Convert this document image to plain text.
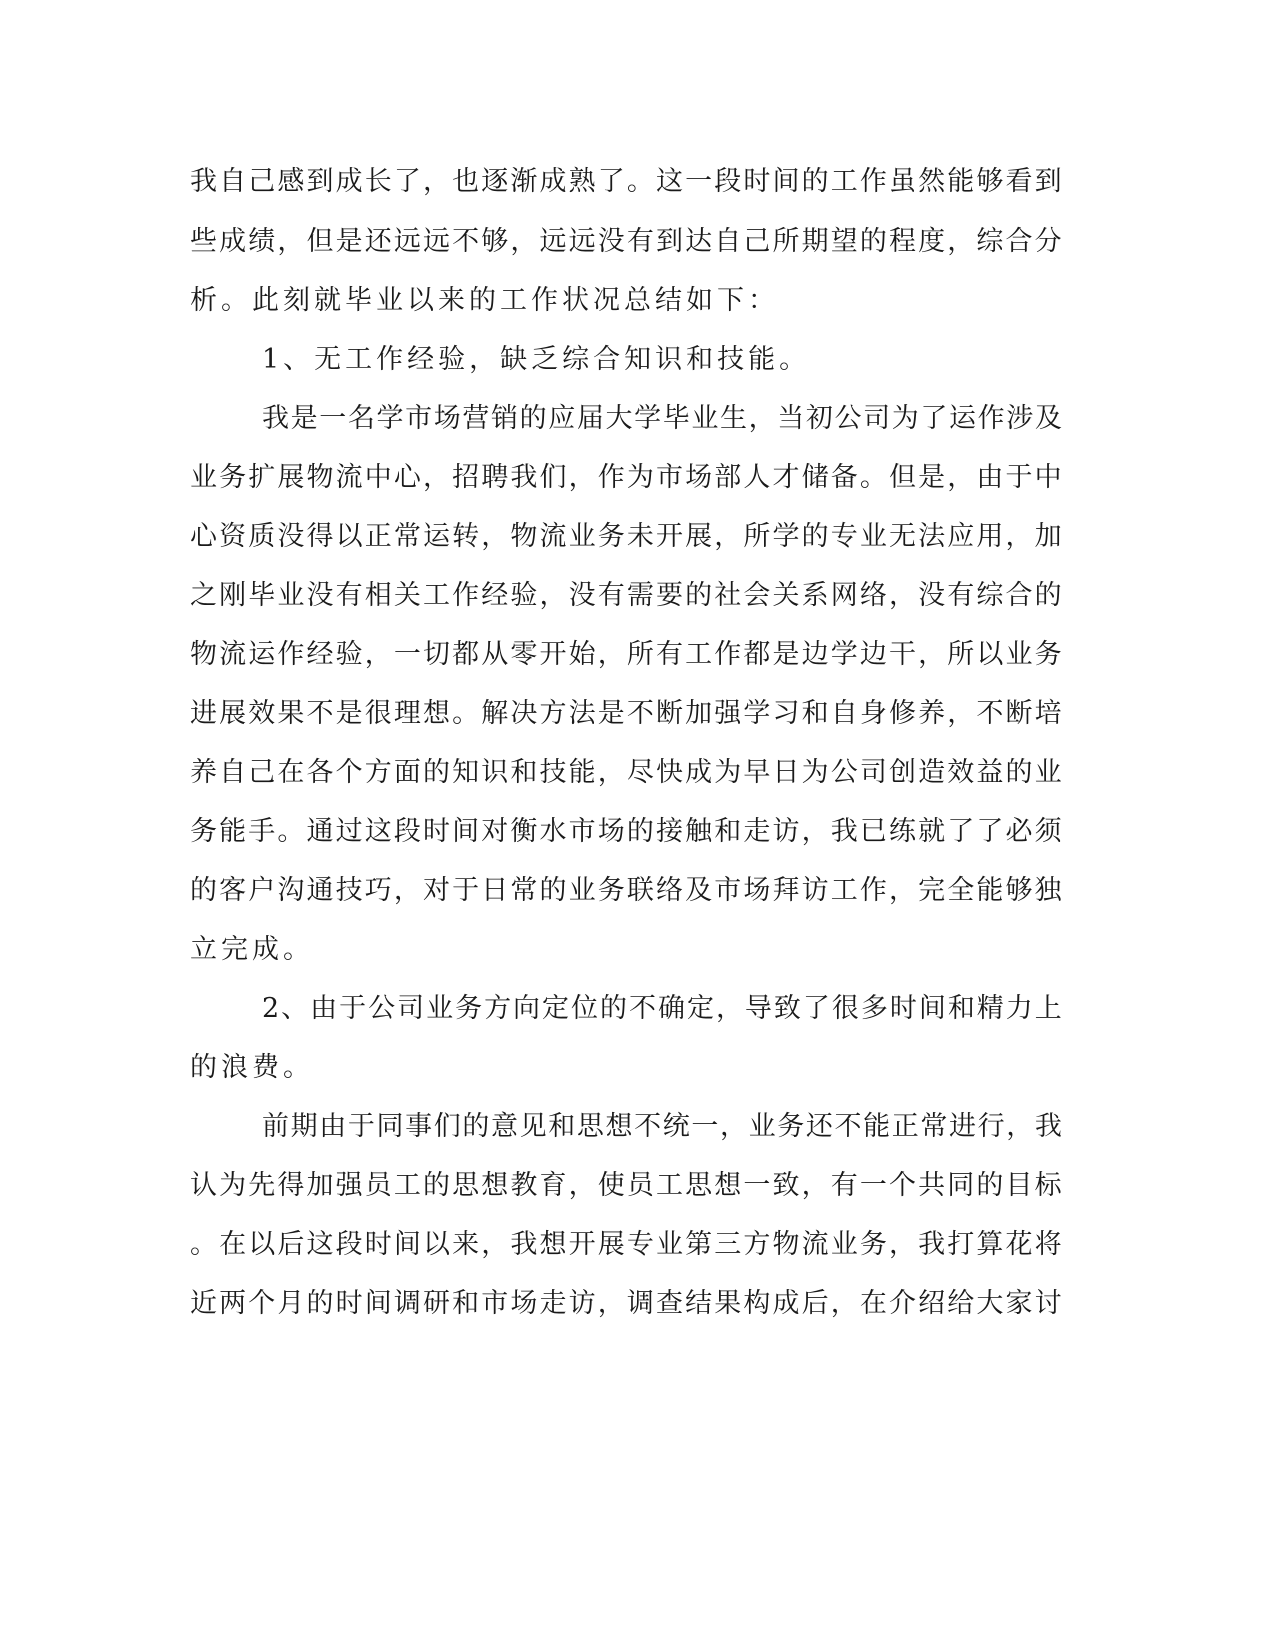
我 自 己 感 到 成 长 了 ， 也 逐 渐 成 熟 了 。 这 一 段 时 间 的 工 作 虽 然 能 够 看 到
些 成 绩 ， 但 是 还 远 远 不 够 ， 远 远 没 有 到 达 自 己 所 期 望 的 程 度 ， 综 合 分
析。此刻就毕业以来的工作状况总结如下：
1、无工作经验，缺乏综合知识和技能。
我 是 一 名 学 市 场 营 销 的 应 届 大 学 毕 业 生 ， 当 初 公 司 为 了 运 作 涉 及
业 务 扩 展 物 流 中 心 ， 招 聘 我 们 ， 作 为 市 场 部 人 才 储 备 。 但 是 ， 由 于 中
心 资 质 没 得 以 正 常 运 转 ， 物 流 业 务 未 开 展 ， 所 学 的 专 业 无 法 应 用 ， 加
之 刚 毕 业 没 有 相 关 工 作 经 验 ， 没 有 需 要 的 社 会 关 系 网 络 ， 没 有 综 合 的
物 流 运 作 经 验 ， 一 切 都 从 零 开 始 ， 所 有 工 作 都 是 边 学 边 干 ， 所 以 业 务
进 展 效 果 不 是 很 理 想 。 解 决 方 法 是 不 断 加 强 学 习 和 自 身 修 养 ， 不 断 培
养 自 己 在 各 个 方 面 的 知 识 和 技 能 ， 尽 快 成 为 早 日 为 公 司 创 造 效 益 的 业
务 能 手 。 通 过 这 段 时 间 对 衡 水 市 场 的 接 触 和 走 访 ， 我 已 练 就 了 了 必 须
的 客 户 沟 通 技 巧 ， 对 于 日 常 的 业 务 联 络 及 市 场 拜 访 工 作 ， 完 全 能 够 独
立完成。
2 、 由 于 公 司 业 务 方 向 定 位 的 不 确 定 ， 导 致 了 很 多 时 间 和 精 力 上
的浪费。
前 期 由 于 同 事 们 的 意 见 和 思 想 不 统 一 ， 业 务 还 不 能 正 常 进 行 ， 我
认 为 先 得 加 强 员 工 的 思 想 教 育 ， 使 员 工 思 想 一 致 ， 有 一 个 共 同 的 目 标
。 在 以 后 这 段 时 间 以 来 ， 我 想 开 展 专 业 第 三 方 物 流 业 务 ， 我 打 算 花 将
近 两 个 月 的 时 间 调 研 和 市 场 走 访 ， 调 查 结 果 构 成 后 ， 在 介 绍 给 大 家 讨
